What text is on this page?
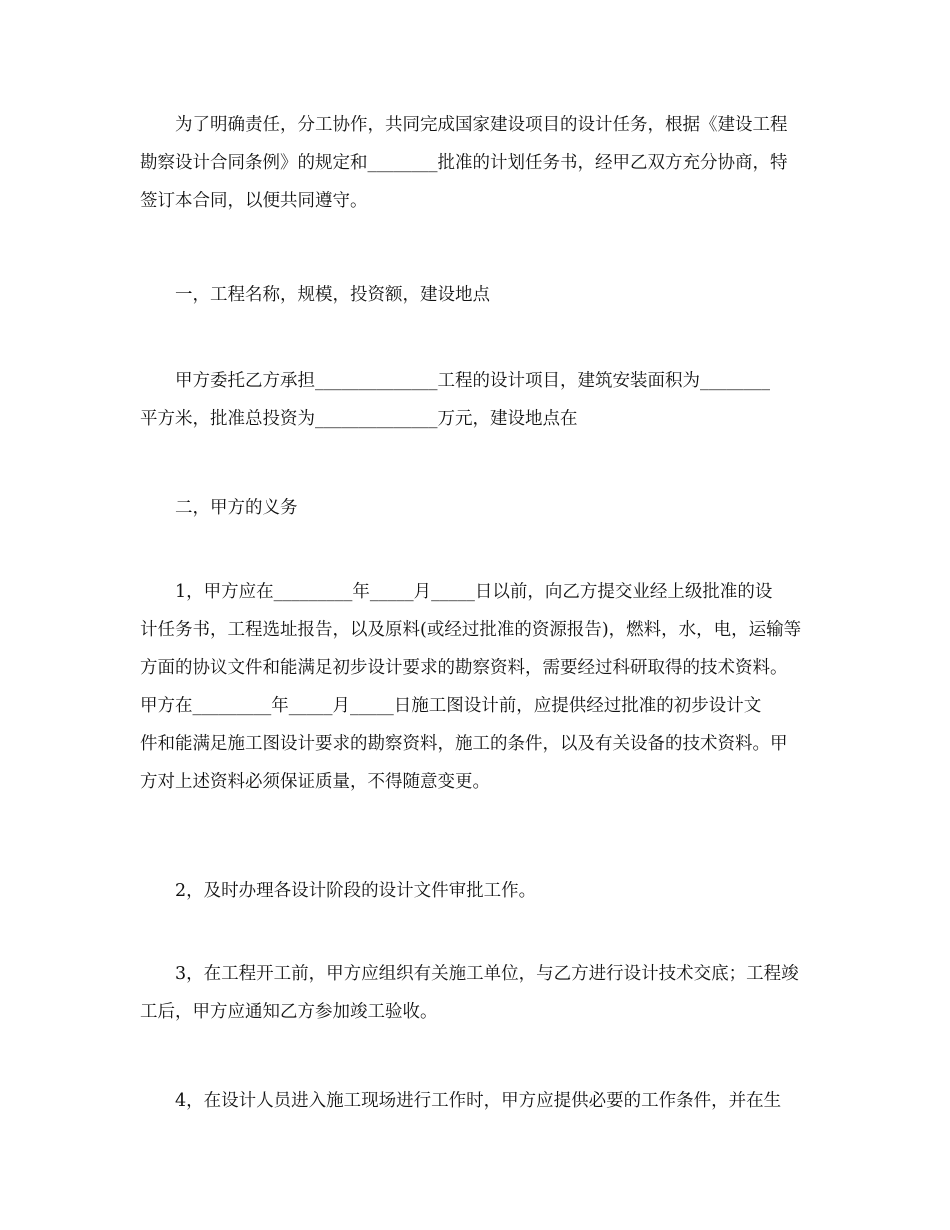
为了明确责任，分工协作，共同完成国家建设项目的设计任务，根据《建设工程
勘察设计合同条例》的规定和________批准的计划任务书，经甲乙双方充分协商，特
签订本合同，以便共同遵守。
一，工程名称，规模，投资额，建设地点
甲方委托乙方承担______________工程的设计项目，建筑安装面积为________
平方米，批准总投资为______________万元，建设地点在
二，甲方的义务
1，甲方应在_________年_____月_____日以前，向乙方提交业经上级批准的设
计任务书，工程选址报告，以及原料(或经过批准的资源报告)，燃料，水，电，运输等
方面的协议文件和能满足初步设计要求的勘察资料，需要经过科研取得的技术资料。
甲方在_________年_____月_____日施工图设计前，应提供经过批准的初步设计文
件和能满足施工图设计要求的勘察资料，施工的条件，以及有关设备的技术资料。甲
方对上述资料必须保证质量，不得随意变更。
2，及时办理各设计阶段的设计文件审批工作。
3，在工程开工前，甲方应组织有关施工单位，与乙方进行设计技术交底；工程竣
工后，甲方应通知乙方参加竣工验收。
4，在设计人员进入施工现场进行工作时，甲方应提供必要的工作条件，并在生
